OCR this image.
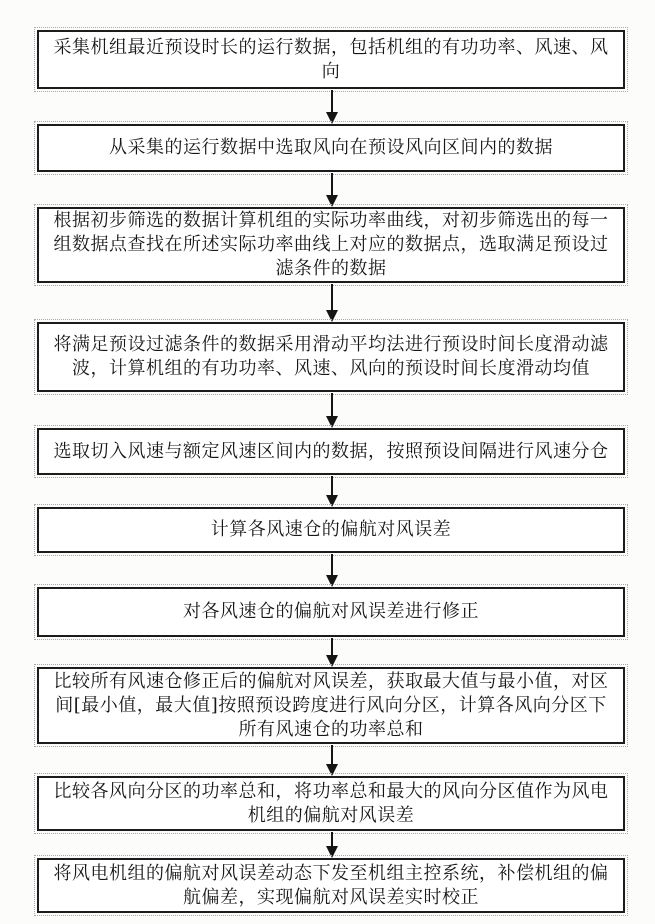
采集机组最近预设时长的运行数据，包括机组的有功功率、风速、风向
从采集的运行数据中选取风向在预设风向区间内的数据
根据初步筛选的数据计算机组的实际功率曲线，对初步筛选出的每一组数据点查找在所述实际功率曲线上对应的数据点，选取满足预设过滤条件的数据
将满足预设过滤条件的数据采用滑动平均法进行预设时间长度滑动滤波，计算机组的有功功率、风速、风向的预设时间长度滑动均值
选取切入风速与额定风速区间内的数据，按照预设间隔进行风速分仓
计算各风速仓的偏航对风误差
对各风速仓的偏航对风误差进行修正
比较所有风速仓修正后的偏航对风误差，获取最大值与最小值，对区间[最小值，最大值]按照预设跨度进行风向分区，计算各风向分区下所有风速仓的功率总和
比较各风向分区的功率总和，将功率总和最大的风向分区值作为风电机组的偏航对风误差
将风电机组的偏航对风误差动态下发至机组主控系统，补偿机组的偏航偏差，实现偏航对风误差实时校正
